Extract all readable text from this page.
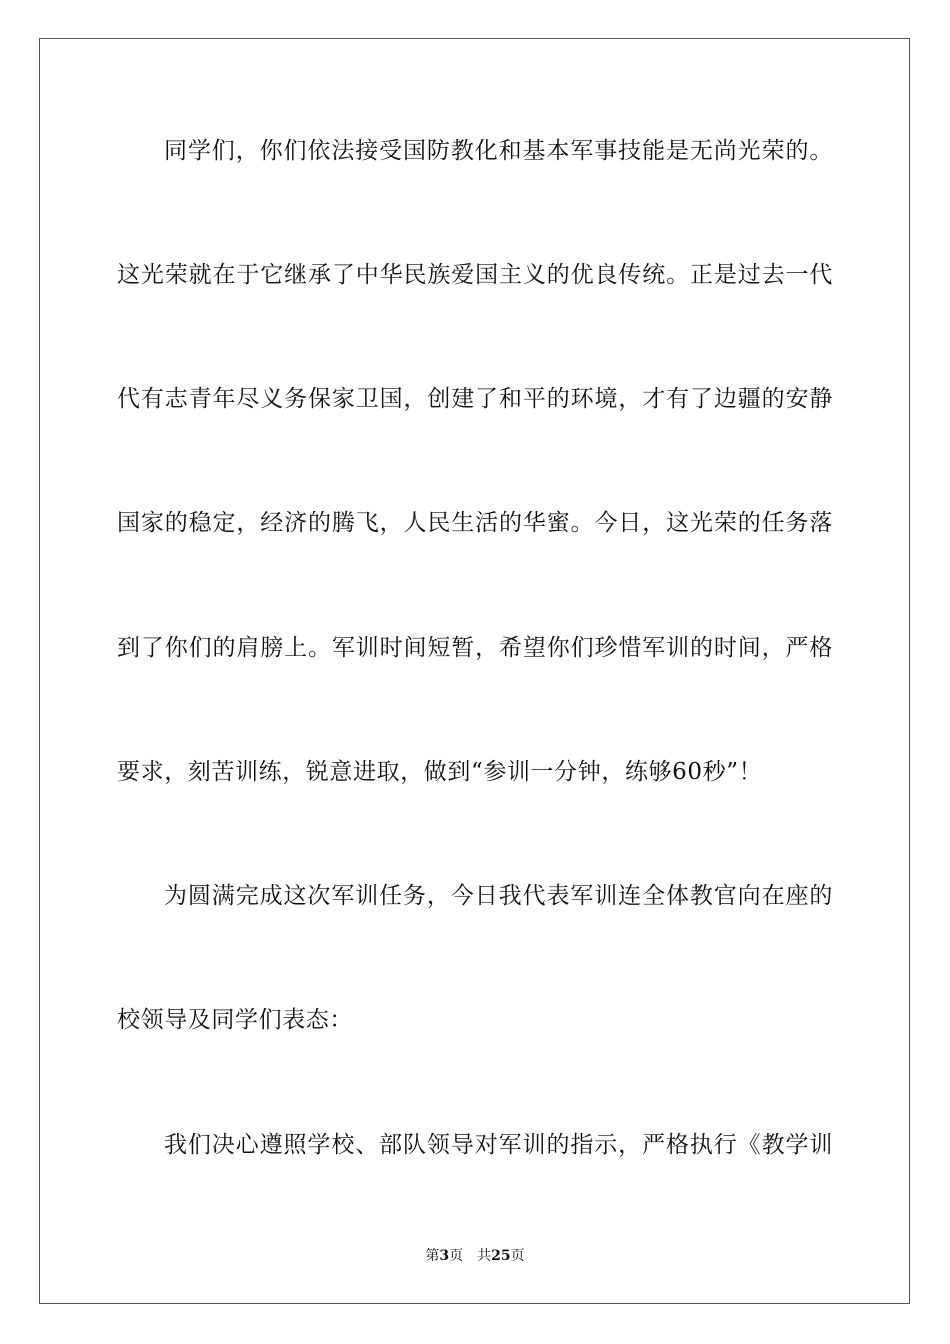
同学们，你们依法接受国防教化和基本军事技能是无尚光荣的。
这光荣就在于它继承了中华民族爱国主义的优良传统。正是过去一代
代有志青年尽义务保家卫国，创建了和平的环境，才有了边疆的安静
国家的稳定，经济的腾飞，人民生活的华蜜。今日，这光荣的任务落
到了你们的肩膀上。军训时间短暂，希望你们珍惜军训的时间，严格
要求，刻苦训练，锐意进取，做到“参训一分钟，练够60秒”！
为圆满完成这次军训任务，今日我代表军训连全体教官向在座的
校领导及同学们表态：
我们决心遵照学校、部队领导对军训的指示，严格执行《教学训
第3页 共25页
